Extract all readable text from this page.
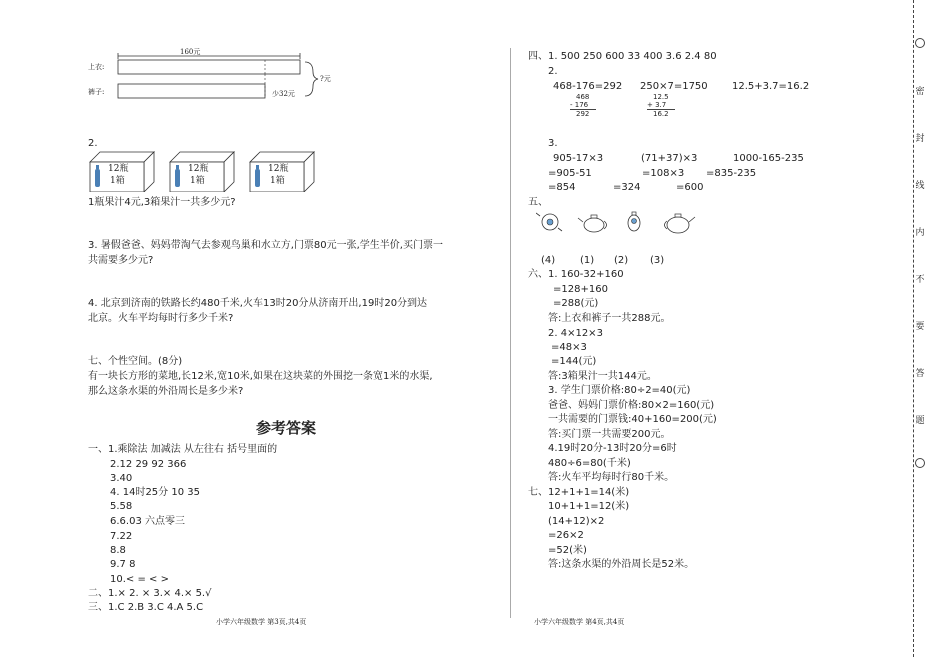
160元
上衣:
裤子:
?元
少32元
2.
12瓶
1箱
12瓶
1箱
12瓶
1箱
1瓶果汁4元,3箱果汁一共多少元?
3. 暑假爸爸、妈妈带淘气去参观鸟巢和水立方,门票80元一张,学生半价,买门票一
共需要多少元?
4. 北京到济南的铁路长约480千米,火车13时20分从济南开出,19时20分到达
北京。火车平均每时行多少千米?
七、个性空间。(8分)
有一块长方形的菜地,长12米,宽10米,如果在这块菜的外围挖一条宽1米的水渠,
那么这条水渠的外沿周长是多少米?
参考答案
一、1.乘除法 加减法 从左往右 括号里面的
2.12 29 92 366
3.40
4. 14时25分 10 35
5.58
6.6.03 六点零三
7.22
8.8
9.7 8
10.< = < >
二、1.× 2. × 3.× 4.× 5.√
三、1.C 2.B 3.C 4.A 5.C
小学六年级数学 第3页,共4页
四、1. 500 250 600 33 400 3.6 2.4 80
2.
468-176=292 250×7=1750 12.5+3.7=16.2
468
- 176
292
12.5
+ 3.7
16.2
3.
905-17×3	(71+37)×3	1000-165-235
=905-51	=108×3 =835-235
=854	=324	=600
五、
(4) (1) (2) (3)
六、1. 160-32+160
=128+160
=288(元)
答:上衣和裤子一共288元。
2. 4×12×3
=48×3
=144(元)
答:3箱果汁一共144元。
3. 学生门票价格:80÷2=40(元)
爸爸、妈妈门票价格:80×2=160(元)
一共需要的门票钱:40+160=200(元)
答:买门票一共需要200元。
4.19时20分-13时20分=6时
480÷6=80(千米)
答:火车平均每时行80千米。
七、12+1+1=14(米)
10+1+1=12(米)
(14+12)×2
=26×2
=52(米)
答:这条水渠的外沿周长是52米。
小学六年级数学 第4页,共4页
密
封
线
内
不
要
答
题
